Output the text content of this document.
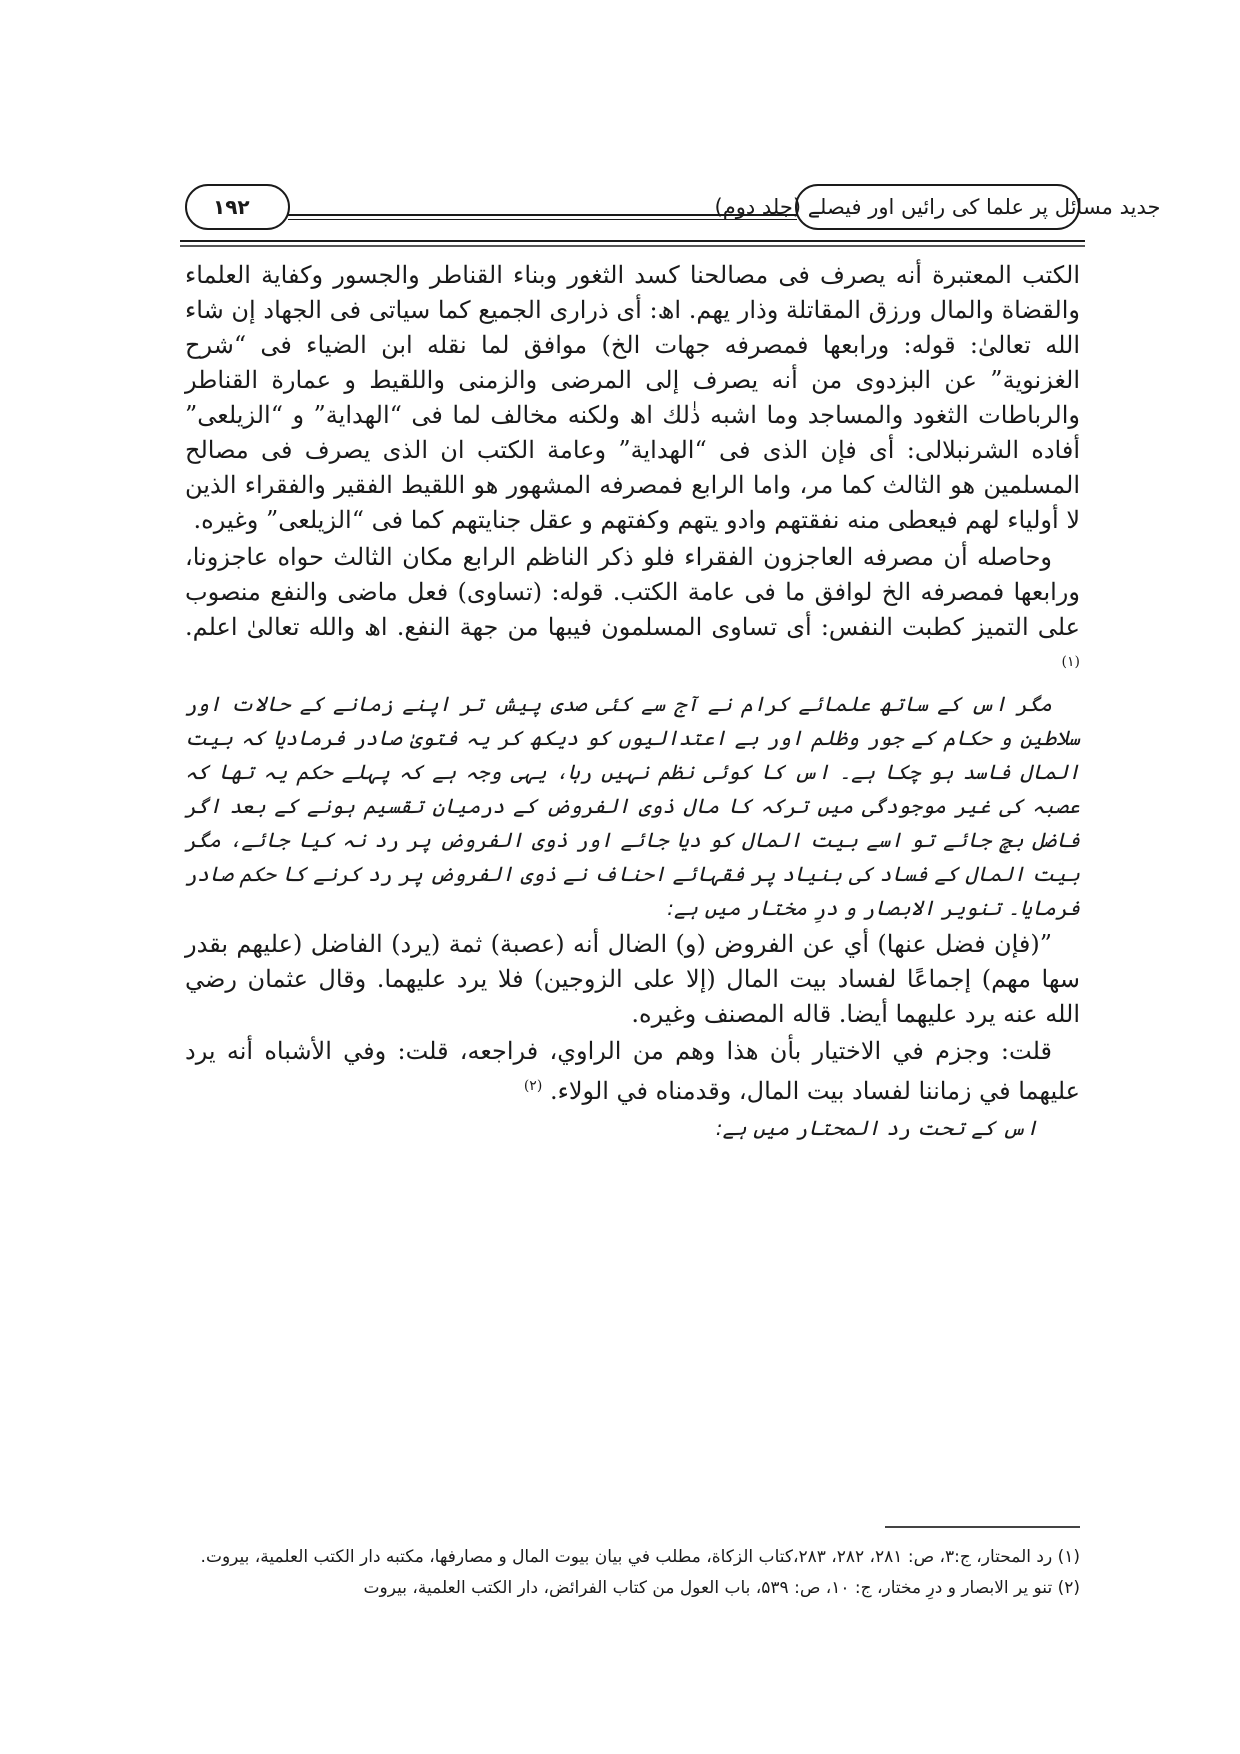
۱۹۲	جدید مسائل پر علما کی رائیں اور فیصلے (جلد دوم)

الکتب المعتبرة أنه یصرف فی مصالحنا کسد الثغور وبناء القناطر والجسور وکفایة العلماء والقضاة والمال ورزق المقاتلة وذار یهم. اھ: أی ذراری الجمیع کما سیاتی فی الجهاد إن شاء الله تعالیٰ: قوله: ورابعها فمصرفه جهات الخ) موافق لما نقله ابن الضیاء فی “شرح الغزنویة” عن البزدوی من أنه یصرف إلی المرضی والزمنی واللقیط و عمارة القناطر والرباطات الثغود والمساجد وما اشبه ذٰلك اھ ولکنه مخالف لما فی “الهدایة” و “الزیلعی” أفاده الشرنبلالی: أی فإن الذی فی “الهدایة” وعامة الکتب ان الذی یصرف فی مصالح المسلمین هو الثالث کما مر، واما الرابع فمصرفه المشهور هو اللقیط الفقیر والفقراء الذین لا أولیاء لهم فیعطی منه نفقتهم وادو یتهم وکفتهم و عقل جنایتهم کما فی “الزیلعی” وغیره.

وحاصله أن مصرفه العاجزون الفقراء فلو ذکر الناظم الرابع مکان الثالث حواه عاجزونا، ورابعها فمصرفه الخ لوافق ما فی عامة الکتب. قوله: (تساوی) فعل ماضی والنفع منصوب علی التمیز کطبت النفس: أی تساوی المسلمون فیبها من جهة النفع. اھ والله تعالیٰ اعلم. $^{(۱)}$

مگر اس کے ساتھ علمائے کرام نے آج سے کئی صدی پیش تر اپنے زمانے کے حالات اور سلاطین و حکام کے جور وظلم اور بے اعتدالیوں کو دیکھ کر یہ فتویٰ صادر فرمادیا کہ بیت المال فاسد ہو چکا ہے۔ اس کا کوئی نظم نہیں رہا، یہی وجہ ہے کہ پہلے حکم یہ تھا کہ عصبہ کی غیر موجودگی میں ترکہ کا مال ذوی الفروض کے درمیان تقسیم ہونے کے بعد اگر فاضل بچ جائے تو اسے بیت المال کو دیا جائے اور ذوی الفروض پر رد نہ کیا جائے، مگر بیت المال کے فساد کی بنیاد پر فقہائے احناف نے ذوی الفروض پر رد کرنے کا حکم صادر فرمایا۔ تنویر الابصار و درِ مختار میں ہے:

”(فإن فضل عنها) أي عن الفروض (و) الضال أنه (عصبة) ثمة (یرد) الفاضل (علیهم بقدر سها مهم) إجماعًا لفساد بیت المال (إلا علی الزوجین) فلا یرد علیهما. وقال عثمان رضي الله عنه یرد علیهما أیضا. قاله المصنف وغیره.

قلت: وجزم في الاختیار بأن هذا وهم من الراوي، فراجعه، قلت: وفي الأشباه أنه یرد علیهما في زماننا لفساد بیت المال، وقدمناه في الولاء. $^{(۲)}$

اس کے تحت رد المحتار میں ہے:

(۱) رد المحتار، ج:۳، ص: ۲۸۱، ۲۸۲، ۲۸۳،کتاب الزکاة، مطلب في بیان بیوت المال و مصارفها، مکتبه دار الکتب العلمیة، بیروت.

(۲) تنو یر الابصار و درِ مختار، ج: ۱۰، ص: ۵۳۹، باب العول من کتاب الفرائض، دار الکتب العلمیة، بیروت
